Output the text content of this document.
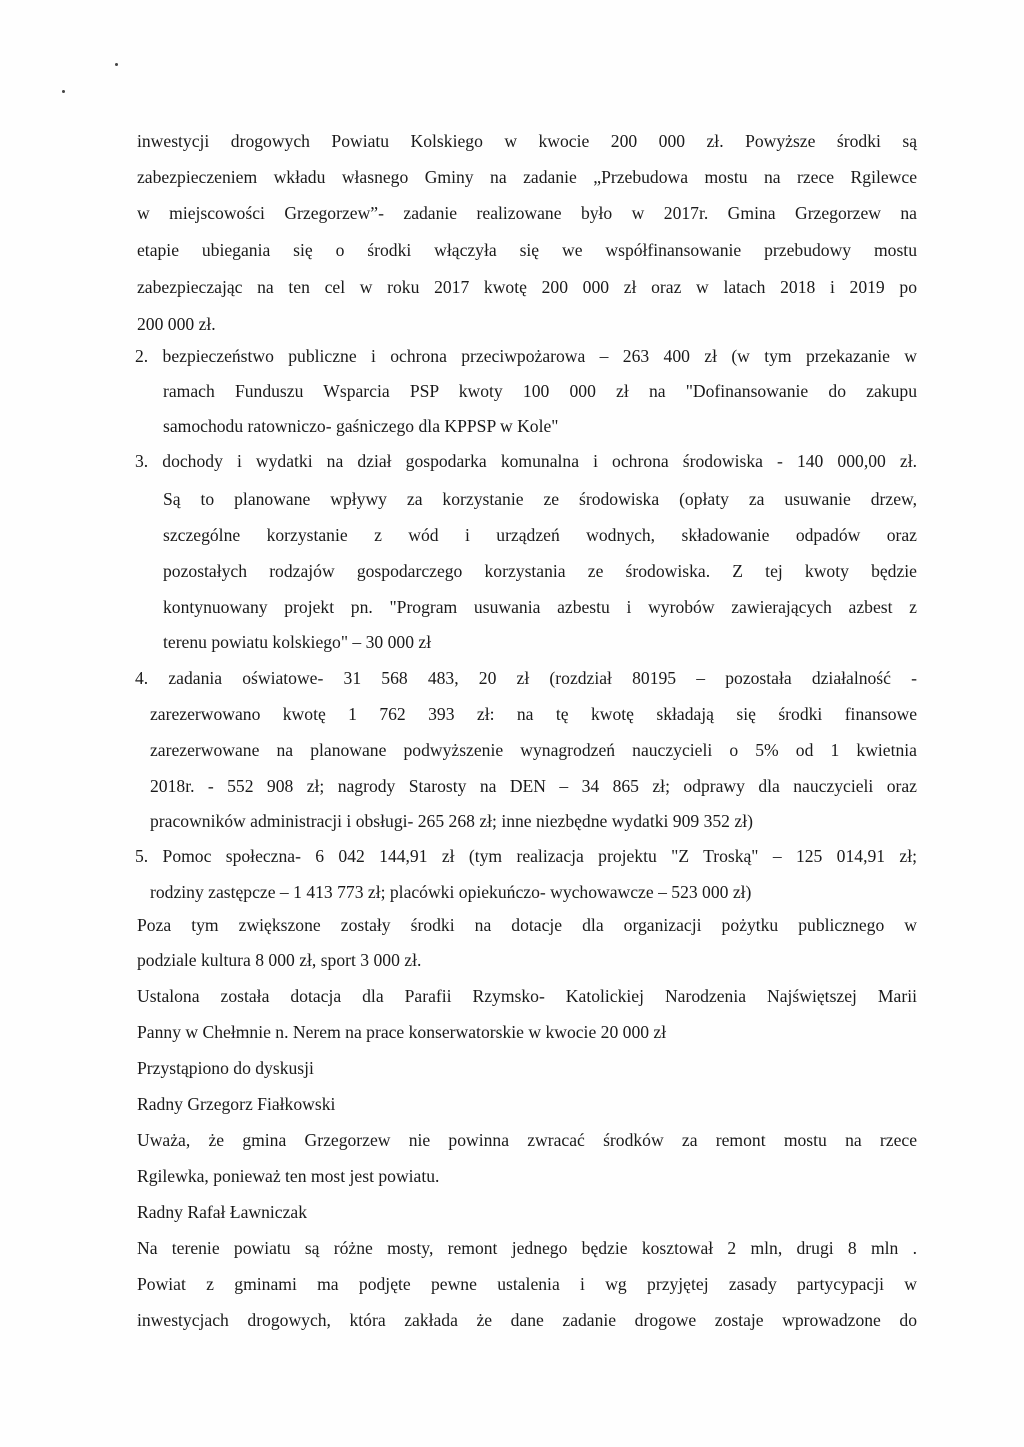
inwestycji drogowych Powiatu Kolskiego w kwocie 200 000 zł. Powyższe środki są
zabezpieczeniem wkładu własnego Gminy na zadanie „Przebudowa mostu na rzece Rgilewce
w miejscowości Grzegorzew”- zadanie realizowane było w 2017r. Gmina Grzegorzew na
etapie ubiegania się o środki włączyła się we współfinansowanie przebudowy mostu
zabezpieczając na ten cel w roku 2017 kwotę 200 000 zł oraz w latach 2018 i 2019 po
200 000 zł.
2. bezpieczeństwo publiczne i ochrona przeciwpożarowa – 263 400 zł (w tym przekazanie w
ramach Funduszu Wsparcia PSP kwoty 100 000 zł na "Dofinansowanie do zakupu
samochodu ratowniczo- gaśniczego dla KPPSP w Kole"
3. dochody i wydatki na dział gospodarka komunalna i ochrona środowiska - 140 000,00 zł.
Są to planowane wpływy za korzystanie ze środowiska (opłaty za usuwanie drzew,
szczególne korzystanie z wód i urządzeń wodnych, składowanie odpadów oraz
pozostałych rodzajów gospodarczego korzystania ze środowiska. Z tej kwoty będzie
kontynuowany projekt pn. "Program usuwania azbestu i wyrobów zawierających azbest z
terenu powiatu kolskiego" – 30 000 zł
4. zadania oświatowe- 31 568 483, 20 zł (rozdział 80195 – pozostała działalność -
zarezerwowano kwotę 1 762 393 zł: na tę kwotę składają się środki finansowe
zarezerwowane na planowane podwyższenie wynagrodzeń nauczycieli o 5% od 1 kwietnia
2018r. - 552 908 zł; nagrody Starosty na DEN – 34 865 zł; odprawy dla nauczycieli oraz
pracowników administracji i obsługi- 265 268 zł; inne niezbędne wydatki 909 352 zł)
5. Pomoc społeczna- 6 042 144,91 zł (tym realizacja projektu "Z Troską" – 125 014,91 zł;
rodziny zastępcze – 1 413 773 zł; placówki opiekuńczo- wychowawcze – 523 000 zł)
Poza tym zwiększone zostały środki na dotacje dla organizacji pożytku publicznego w
podziale kultura 8 000 zł, sport 3 000 zł.
Ustalona została dotacja dla Parafii Rzymsko- Katolickiej Narodzenia Najświętszej Marii
Panny w Chełmnie n. Nerem na prace konserwatorskie w kwocie 20 000 zł
Przystąpiono do dyskusji
Radny Grzegorz Fiałkowski
Uważa, że gmina Grzegorzew nie powinna zwracać środków za remont mostu na rzece
Rgilewka, ponieważ ten most jest powiatu.
Radny Rafał Ławniczak
Na terenie powiatu są różne mosty, remont jednego będzie kosztował 2 mln, drugi 8 mln .
Powiat z gminami ma podjęte pewne ustalenia i wg przyjętej zasady partycypacji w
inwestycjach drogowych, która zakłada że dane zadanie drogowe zostaje wprowadzone do
